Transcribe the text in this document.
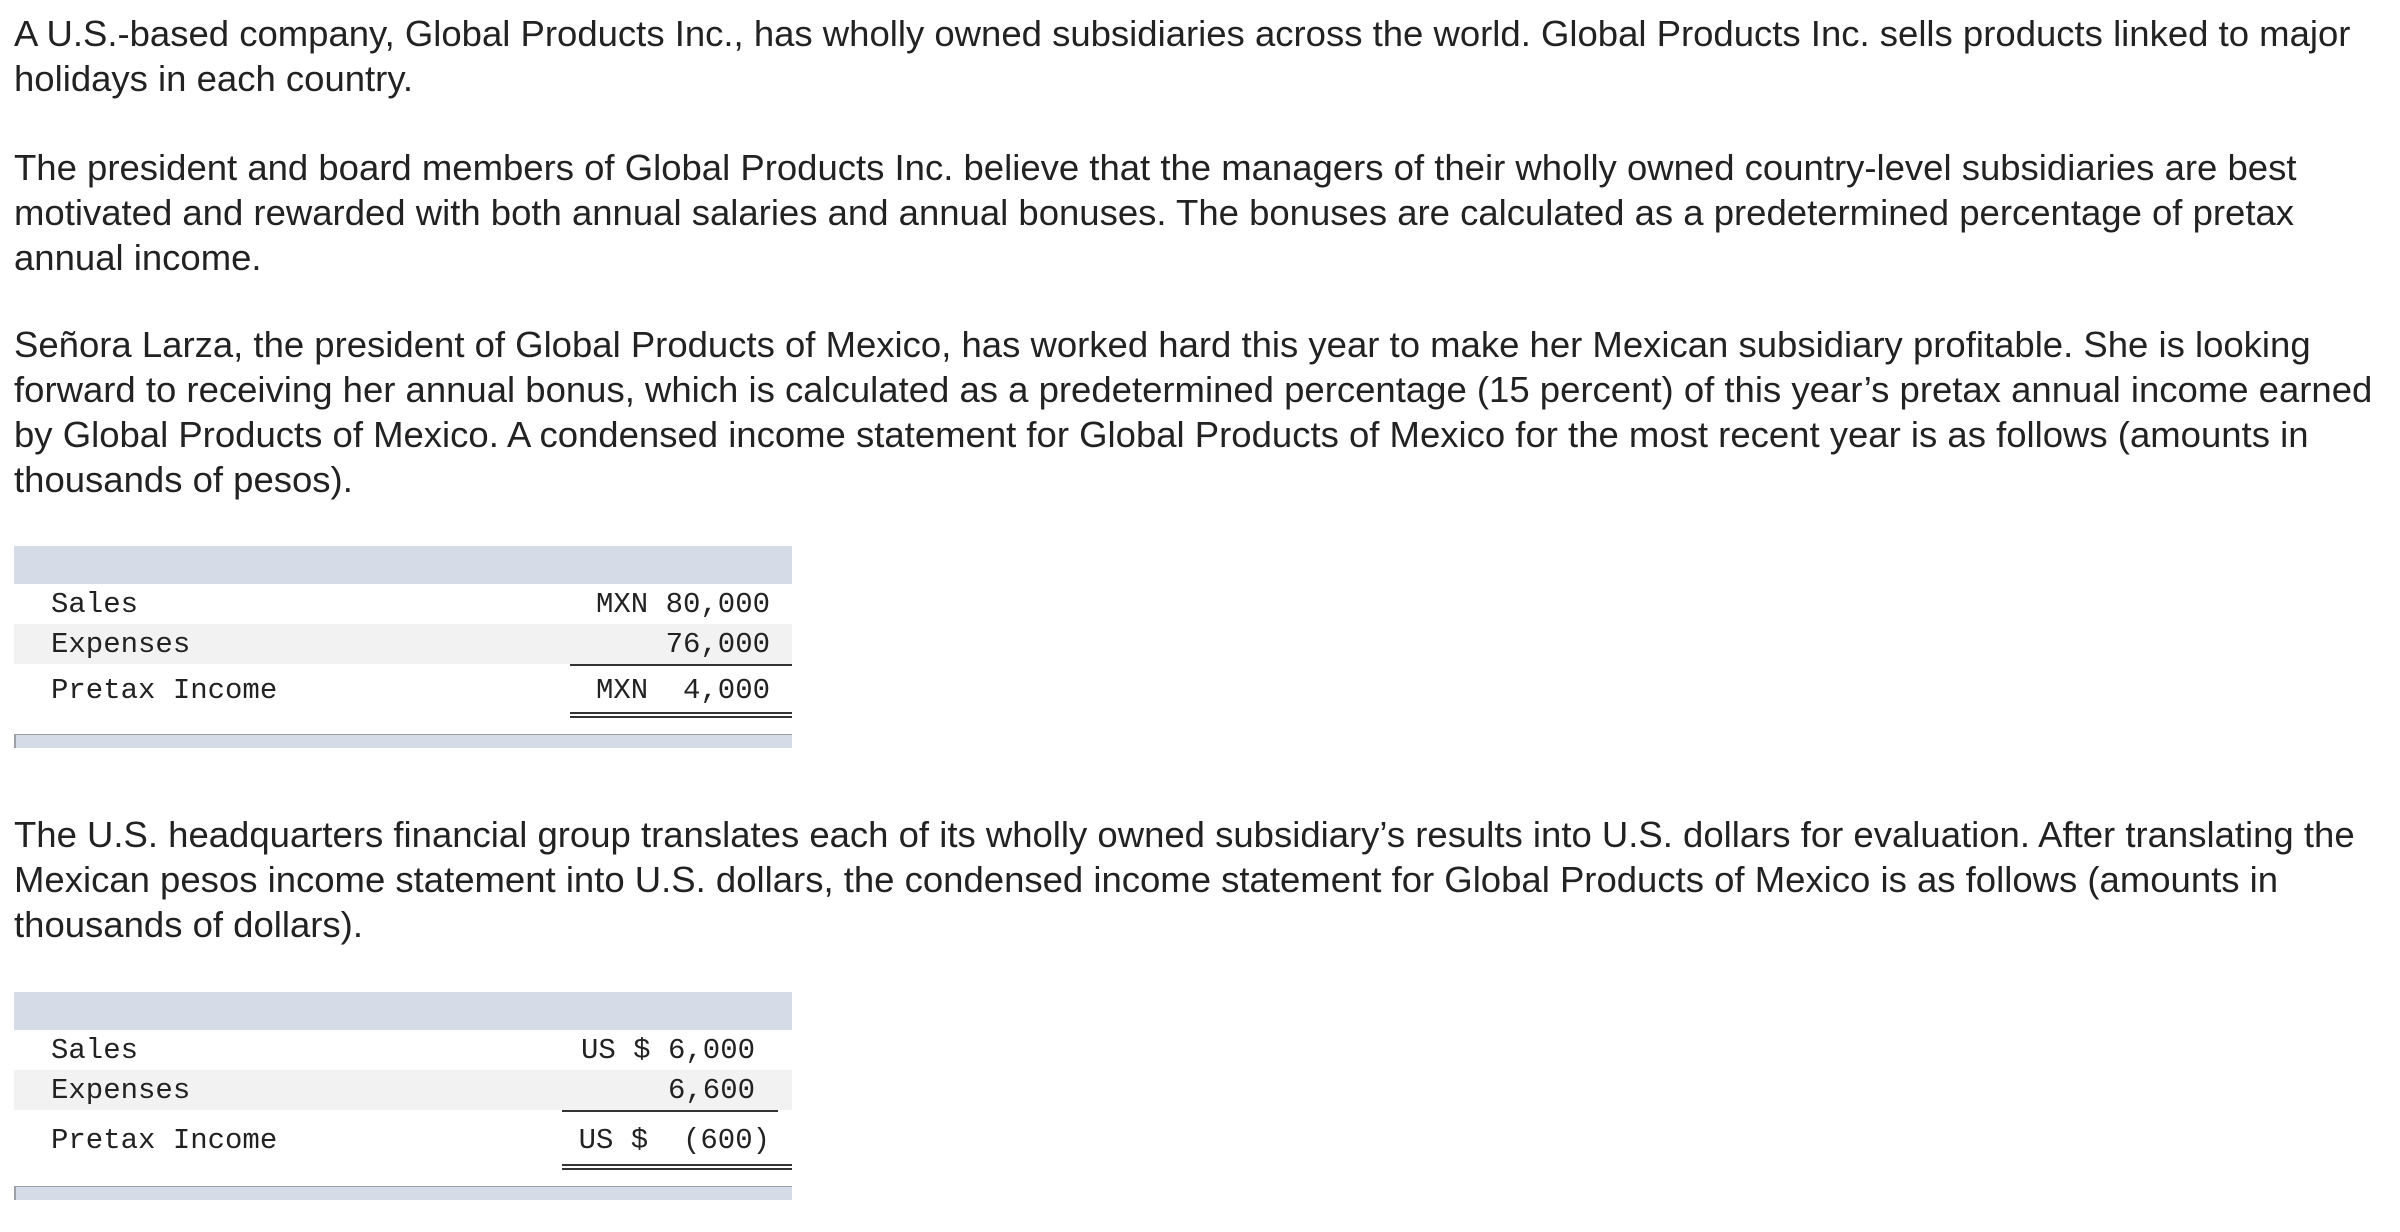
A U.S.-based company, Global Products Inc., has wholly owned subsidiaries across the world. Global Products Inc. sells products linked to major holidays in each country.

The president and board members of Global Products Inc. believe that the managers of their wholly owned country-level subsidiaries are best motivated and rewarded with both annual salaries and annual bonuses. The bonuses are calculated as a predetermined percentage of pretax annual income.

Señora Larza, the president of Global Products of Mexico, has worked hard this year to make her Mexican subsidiary profitable. She is looking forward to receiving her annual bonus, which is calculated as a predetermined percentage (15 percent) of this year’s pretax annual income earned by Global Products of Mexico. A condensed income statement for Global Products of Mexico for the most recent year is as follows (amounts in thousands of pesos).

Sales	MXN 80,000
Expenses	76,000
Pretax Income	MXN  4,000

The U.S. headquarters financial group translates each of its wholly owned subsidiary’s results into U.S. dollars for evaluation. After translating the Mexican pesos income statement into U.S. dollars, the condensed income statement for Global Products of Mexico is as follows (amounts in thousands of dollars).

Sales	US $ 6,000
Expenses	6,600
Pretax Income	US $  (600)
